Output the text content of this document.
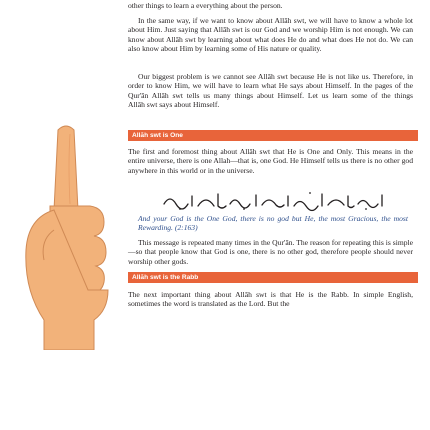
other things to learn a everything about the person.

In the same way, if we want to know about Allāh swt, we will have to know a whole lot about Him. Just saying that Allāh swt is our God and we worship Him is not enough. We can know about Allāh swt by learning about what does He do and what does He not do. We can also know about Him by learning some of His nature or quality.

Our biggest problem is we cannot see Allāh swt because He is not like us. Therefore, in order to know Him, we will have to learn what He says about Himself. In the pages of the Qur'ān Allāh swt tells us many things about Himself. Let us learn some of the things Allāh swt says about Himself.

Allāh swt is One

The first and foremost thing about Allāh swt that He is One and Only. This means in the entire universe, there is one Allah—that is, one God. He Himself tells us there is no other god anywhere in this world or in the universe.

And your God is the One God, there is no god but He, the most Gracious, the most Rewarding. (2:163)

This message is repeated many times in the Qur'ān. The reason for repeating this is simple—so that people know that God is one, there is no other god, therefore people should never worship other gods.

Allāh swt is the Rabb

The next important thing about Allāh swt is that He is the Rabb. In simple English, sometimes the word is translated as the Lord. But the
